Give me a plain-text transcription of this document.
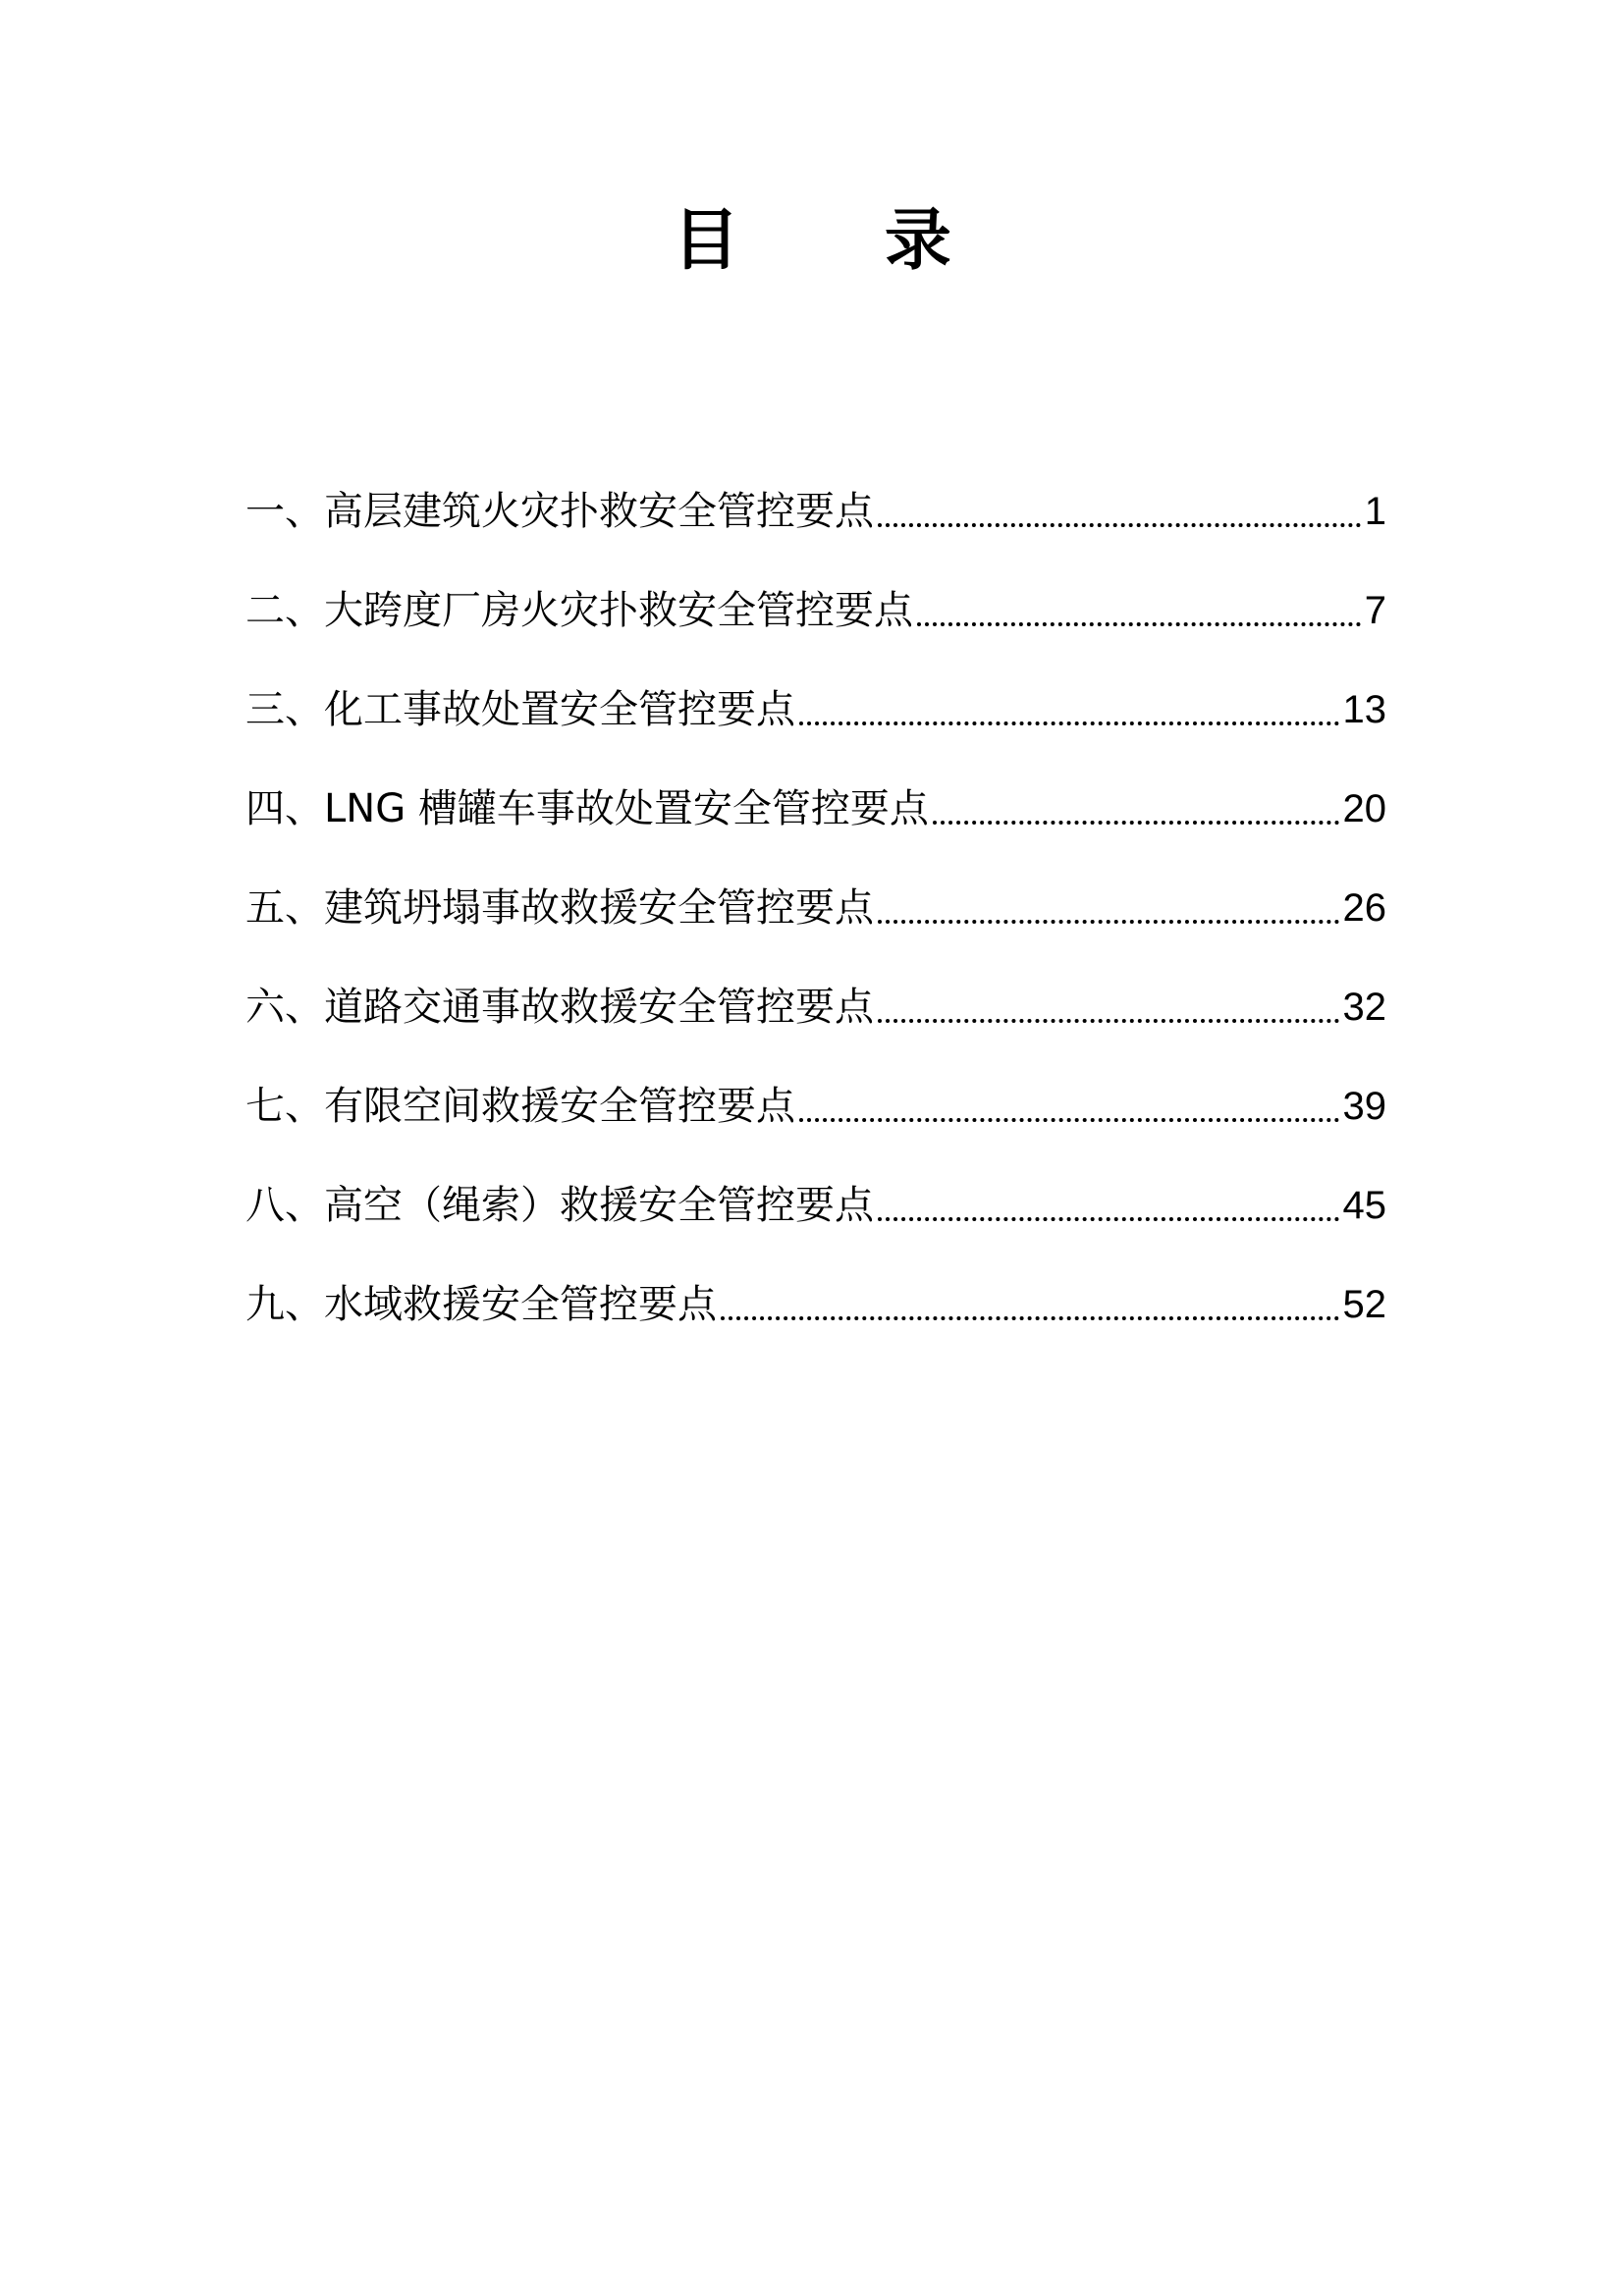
目 录
一、高层建筑火灾扑救安全管控要点	1
二、大跨度厂房火灾扑救安全管控要点	7
三、化工事故处置安全管控要点	13
四、LNG 槽罐车事故处置安全管控要点	20
五、建筑坍塌事故救援安全管控要点	26
六、道路交通事故救援安全管控要点	32
七、有限空间救援安全管控要点	39
八、高空（绳索）救援安全管控要点	45
九、水域救援安全管控要点	52
